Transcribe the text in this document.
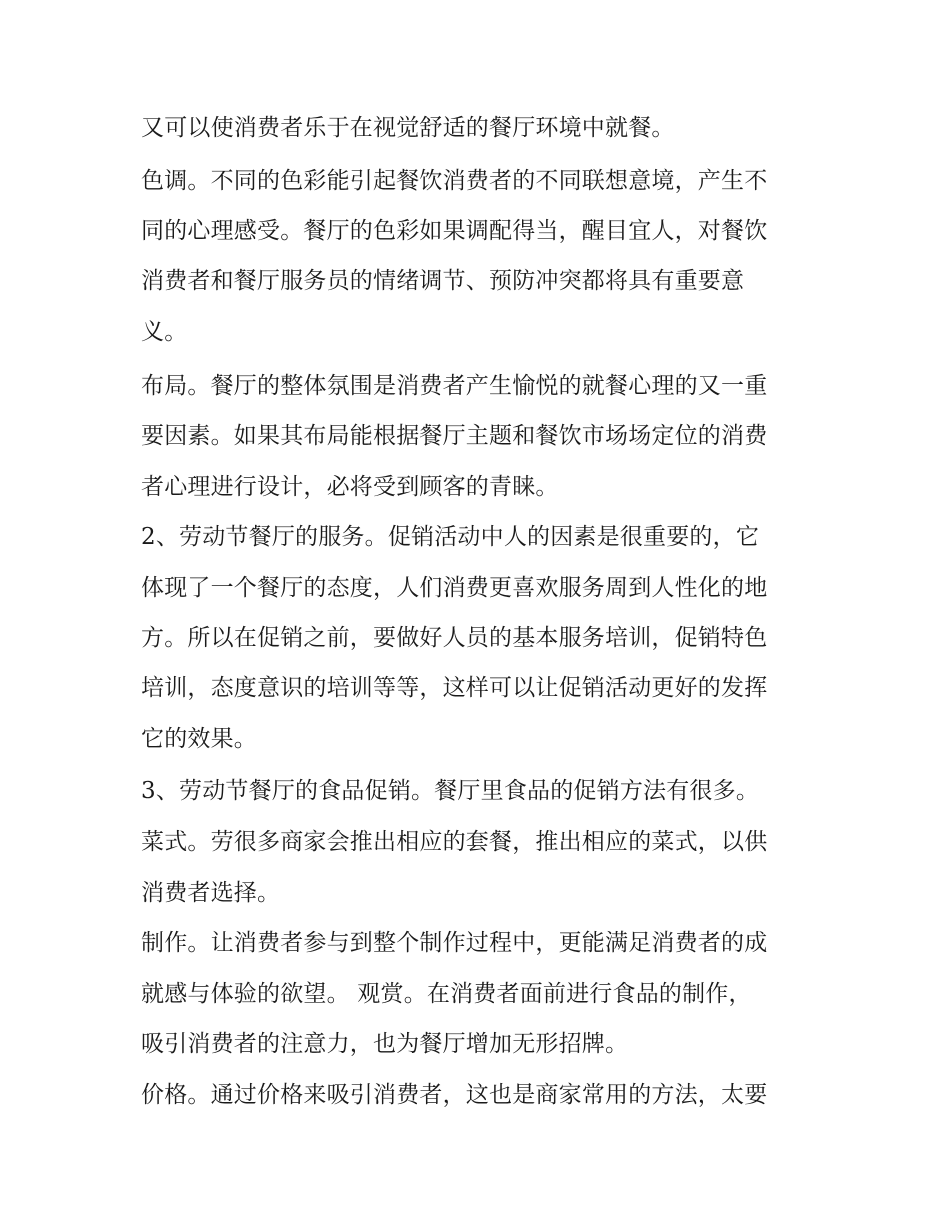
又可以使消费者乐于在视觉舒适的餐厅环境中就餐。
色调。不同的色彩能引起餐饮消费者的不同联想意境，产生不
同的心理感受。餐厅的色彩如果调配得当，醒目宜人，对餐饮
消费者和餐厅服务员的情绪调节、预防冲突都将具有重要意
义。
布局。餐厅的整体氛围是消费者产生愉悦的就餐心理的又一重
要因素。如果其布局能根据餐厅主题和餐饮市场场定位的消费
者心理进行设计，必将受到顾客的青睐。
2、劳动节餐厅的服务。促销活动中人的因素是很重要的，它
体现了一个餐厅的态度，人们消费更喜欢服务周到人性化的地
方。所以在促销之前，要做好人员的基本服务培训，促销特色
培训，态度意识的培训等等，这样可以让促销活动更好的发挥
它的效果。
3、劳动节餐厅的食品促销。餐厅里食品的促销方法有很多。
菜式。劳很多商家会推出相应的套餐，推出相应的菜式，以供
消费者选择。
制作。让消费者参与到整个制作过程中，更能满足消费者的成
就感与体验的欲望。 观赏。在消费者面前进行食品的制作，
吸引消费者的注意力，也为餐厅增加无形招牌。
价格。通过价格来吸引消费者，这也是商家常用的方法，太要
